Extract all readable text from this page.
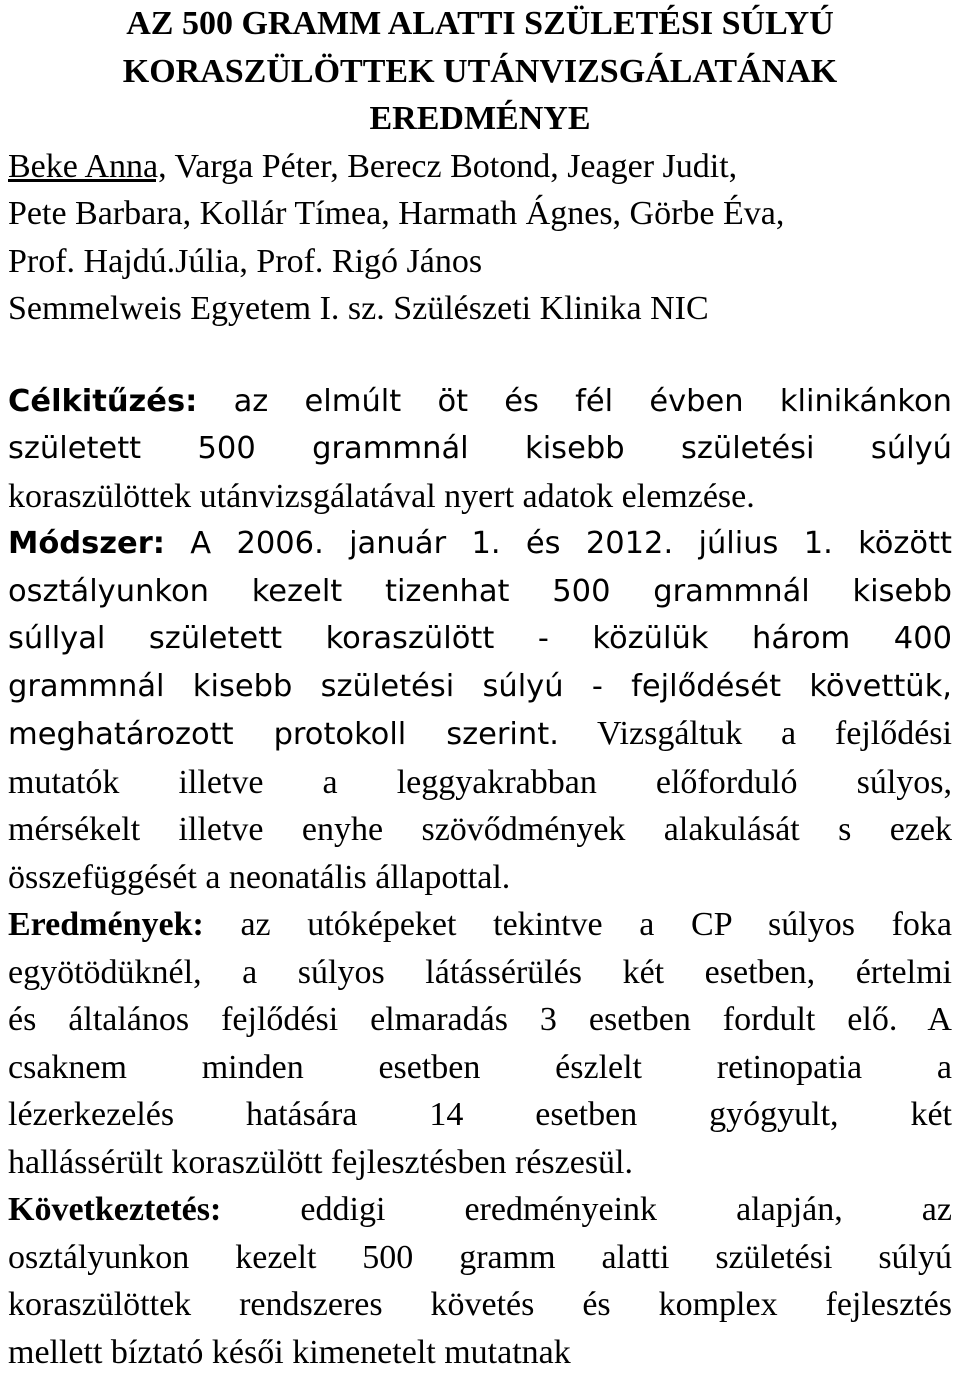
AZ 500 GRAMM ALATTI SZÜLETÉSI SÚLYÚ
KORASZÜLÖTTEK UTÁNVIZSGÁLATÁNAK
EREDMÉNYE
Beke Anna, Varga Péter, Berecz Botond, Jeager Judit,
Pete Barbara, Kollár Tímea, Harmath Ágnes, Görbe Éva,
Prof. Hajdú.Júlia, Prof. Rigó János

Semmelweis Egyetem I. sz. Szülészeti Klinika NIC

Célkitűzés: az elmúlt öt és fél évben klinikánkon
született 500 grammnál kisebb születési súlyú
koraszülöttek utánvizsgálatával nyert adatok elemzése.
Módszer: A 2006. január 1. és 2012. július 1. között
osztályunkon kezelt tizenhat 500 grammnál kisebb
súllyal született koraszülött - közülük három 400
grammnál kisebb születési súlyú - fejlődését követtük,
meghatározott protokoll szerint. Vizsgáltuk a fejlődési
mutatók illetve a leggyakrabban előforduló súlyos,
mérsékelt illetve enyhe szövődmények alakulását s ezek
összefüggését a neonatális állapottal.
Eredmények: az utóképeket tekintve a CP súlyos foka
egyötödüknél, a súlyos látássérülés két esetben, értelmi
és általános fejlődési elmaradás 3 esetben fordult elő. A
csaknem minden esetben észlelt retinopatia a
lézerkezelés hatására 14 esetben gyógyult, két
hallássérült koraszülött fejlesztésben részesül.
Következtetés: eddigi eredményeink alapján, az
osztályunkon kezelt 500 gramm alatti születési súlyú
koraszülöttek rendszeres követés és komplex fejlesztés
mellett bíztató késői kimenetelt mutatnak
